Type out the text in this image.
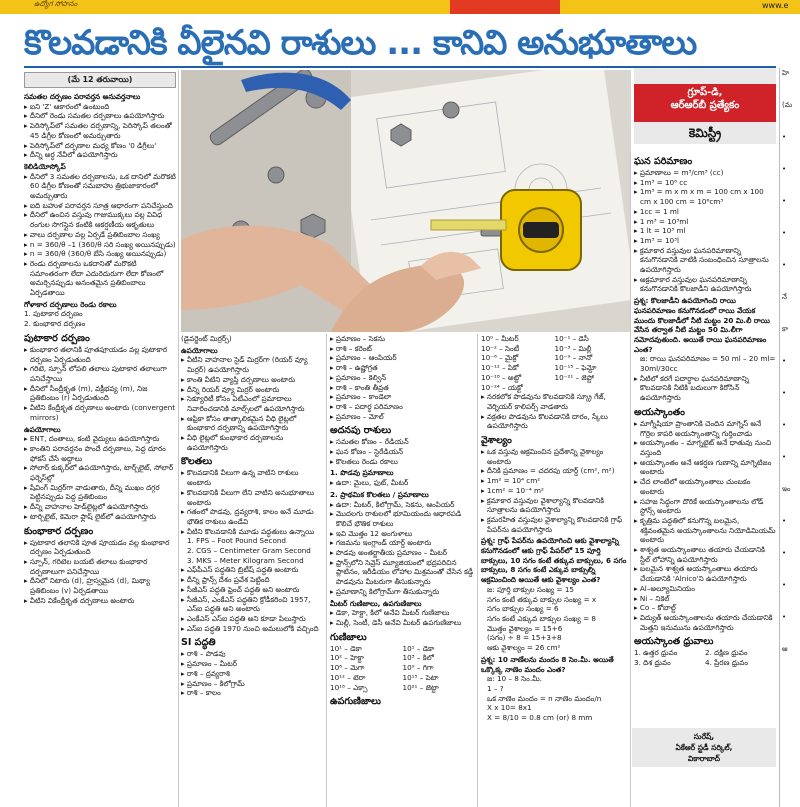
ఉద్యోగ సోపానం	www.e
కొలవడానికి వీలైనవి రాశులు ... కానివి అనుభూతాలు
(మే 12 తరువాయి)

సమతల దర్పణం పరావర్తన అనువర్తనాలు

▸ ఐని 'Z' ఆకారంలో ఉంటుంది

▸ దీనిలో రెండు సమతల దర్పణాలు ఉపయోగిస్తారు

▸ పెరిస్కోప్‌లో సమతల దర్పణాన్ని, పెరిస్కోప్‌ తలంతో 45 డిగ్రీల కోణంలో అమర్చుతారు

▸ పెరిస్కోప్‌లో దర్పణాల మధ్య కోణం '0 డిగ్రీలు'

▸ దీన్ని అర్ధ నేవీలో ఉపయోగిస్తారు

కెలిడియోస్కోప్‌

▸ దీనిలో 3 సమతల దర్పణాలను, ఒక దానిలో మరొకటి 60 డిగ్రీల కోణంతో సమబాహు త్రిభుజాకారంలో అమర్చుతారు

▸ ఐది బహుళ పరావర్తన సూత్ర ఆధారంగా పనిచేస్తుంది

▸ దీనిలో ఉంచిన వస్తువు గాజుముక్కలు వల్ల వివిధ రంగుల సొగస్గైన కంటికి ఆకర్షణీయ ఆకృతులు

▸ వాలు దర్పణాల వల్ల ఏర్పడే ప్రతిబింబాల సంఖ్య

▸ n = 360/θ –1 (360/θ సరి సంఖ్య అయినప్పుడు)

▸ n = 360/θ (360/θ బేసి సంఖ్య అయినప్పుడు)

▸ రెండు దర్పణాలను ఒకదానితో మరొకటి సమాంతరంగా లేదా ఎదురెదురుగా లేదా కోణంలో అమర్చినప్పుడు అనంతమైన ప్రతిబింబాలు ఏర్పడతాయి

గోళాకార దర్పణాలు రెండు రకాలు

1. పుటాకార దర్పణం

2. కుంభాకార దర్పణం

పుటాకార దర్పణం

▸ కుంభాకార తలానికి పూతపూయడం వల్ల పుటాకార దర్పణం ఏర్పడుతుంది

▸ గరిటె, స్పూన్‌ లోపలి తలాలు పుటాకార తలాలుగా పనిచేస్తాయి

▸ దీనిలో సీంద్రీకృత (m), వక్రీభవ్య (m), నిజ ప్రతిబింబం (r) ఏర్పడుతుంది

▸ వీటిని కేంద్రీకృత దర్పణాలు అంటారు (convergent mirrors)

ఉపయోగాలు

▸ ENT, దంతాలు, కంటి వైద్యులు ఉపయోగిస్తారు

▸ కాంతిని పరావర్తనం పొందే దర్పణాలు, పెద్ద దూరం ఫోకస్‌ చేసే అద్దాలు

▸ సోలార్‌ కుక్కర్‌లో ఉపయోగిస్తారు, టార్చ్‌లైట్‌, సోలార్‌ ఫర్నెస్‌ల్లో

▸ షేవింగ్‌ మిర్రర్‌గా వాడుతారు, దీన్ని ముఖం దగ్గర పెట్టినప్పుడు పెద్ద ప్రతిబింబం

▸ దీన్ని వాహనాల హెడ్‌లైట్లలో ఉపయోగిస్తారు

▸ టార్చిలైట్‌, కెమెరా ఫ్లాష్‌ లైట్‌లో ఉపయోగిస్తారు

కుంభాకార దర్పణం

▸ పుటాకార తలానికి పూత పూయడం వల్ల కుంభాకార దర్పణం ఏర్పడుతుంది

▸ స్పూన్‌, గరిటెల బయటి తలాలు కుంభాకార దర్పణాలుగా పనిచేస్తాయి

▸ దీనిలో నిటారు (d), హ్రస్వమైన (d), మిథ్యా ప్రతిబింబం (v) ఏర్పడతాయి

▸ వీటిని వికేంద్రీకృత దర్పణాలు అంటారు

గ్రూప్‌-డి,
ఆర్‌ఆర్‌బీ ప్రత్యేకం
కెమిస్ట్రీ

(డైవర్జెంట్‌ మిర్రర్స్‌)

ఉపయోగాలు

▸ వీటిని వాహనాల సైడ్‌ మిర్రర్‌గా (రియర్‌ వ్యూ మిర్రర్‌) ఉపయోగిస్తారు

▸ కాంతి వీటిని వ్యాప్తి దర్పణాలు అంటారు

▸ దీన్ని రియర్‌ వ్యూ మిర్రర్‌ అంటారు

▸ సెక్యూరిటీ కోసం ఏటీఎంలో ప్రమాదాలు నివారించడానికి మాల్స్‌లలో ఉపయోగిస్తారు

▸ ఆఫ్రికా కోసం తాత్కాలికమైన వీధి లైట్లలో కుంభాకార దర్పణాన్ని ఉపయోగిస్తారు

▸ వీధి లైట్లలో కుంభాకార దర్పణాలను ఉపయోగిస్తారు

కొలతలు

▸ కొలవడానికి వీలుగా ఉన్న వాటిని రాశులు అంటారు

▸ కొలవడానికి వీలుగా లేని వాటిని అనుభూతాలు అంటారు

▸ గతంలో పొడవు, ద్రవ్యరాశి, కాలం అనే మూడు భౌతిక రాశులు ఉండేవి

▸ వీటిని కొలవడానికి మూడు పద్ధతులు ఉన్నాయి

1. FPS – Foot Pound Second

2. CGS – Centimeter Gram Second

3. MKS – Meter Kilogram Second

▸ ఎఫ్‌పీఎస్‌ పద్ధతిని బ్రిటీష్‌ పద్ధతి అంటారు

▸ దీన్ని ఫ్రాన్స్‌ దేశం ప్రవేశ పెట్టింది

▸ సీజీఎస్‌ పద్ధతి ఫ్రెంచ్‌ పద్ధతి అని అంటారు

▸ సీజీఎస్‌, ఎంకేఎస్‌ పద్ధతిని క్రోడీకరించి 1957, ఎస్‌ఐ పద్ధతి అని అంటారు

▸ ఎంకేఎస్‌ ఎస్‌ఐ పద్ధతి అని కూడా పిలుస్తారు

▸ ఎస్‌ఐ పద్ధతి 1970 నుంచి అమలులోకి వచ్చింది

SI పద్ధతి

▸ రాశి – పొడవు

▸ ప్రమాణం – మీటర్‌

▸ రాశి – ద్రవ్యరాశి

▸ ప్రమాణం – కిలోగ్రామ్‌

▸ రాశి – కాలం

▸ ప్రమాణం – సెకను

▸ రాశి – కరెంట్‌

▸ ప్రమాణం – ఆంపియర్‌

▸ రాశి – ఉష్ణోగ్రత

▸ ప్రమాణం – కెల్విన్‌

▸ రాశి – కాంతి తీవ్రత

▸ ప్రమాణం – కాండెలా

▸ రాశి – పదార్థ పరిమాణం

▸ ప్రమాణం – మోల్‌

అదనపు రాశులు

▸ సమతల కోణం – రేడియన్‌

▸ ఘన కోణం – స్టెరేడియన్‌

▸ కొలతలు రెండు రకాలు

1. పొడవు ప్రమాణాలు

▸ ఉదా: మైలు, ఫుట్‌, మీటర్‌

2. ప్రాథమిక కొలతలు / ప్రమాణాలు

▸ ఉదా: మీటర్‌, కిలోగ్రామ్‌, సెకను, ఆంపియర్‌

▸ మొదలగు రాశులలో భూమియందు ఆధారపడి కొలిచే భౌతిక రాశులు

▸ ఇవి మొత్తం 12 అంగుళాలు

▸ గజమను ఇంగ్లాండ్‌ యార్డ్‌ అంటారు

▸ పొడవు అంతర్జాతీయ ప్రమాణం – మీటర్‌

▸ ఫ్రాన్స్‌లోని సెవ్రెస్‌ మ్యూజియంలో భద్రపరిచిన ప్లాటినం, ఇరీడియం లోహాల మిశ్రమంతో చేసిన కడ్డీ పొడవును మీటరుగా తీసుకున్నారు

▸ ప్రమాణాన్ని కిలోగ్రామ్‌గా తీసుకున్నారు

మీటర్‌ గుణిజాలు, ఉపగుణిజాలు

▸ డెకా, హెక్టా, కిలో అనేవి మీటర్‌ గుణిజాలు

▸ మిల్లీ, సెంటీ, డెసీ అనేవి మీటర్‌ ఉపగుణిజాలు

గుణిజాలు

10¹ – డెకా	10¹ – డెకా
10² – హెక్టా	10³ – కిలో
10⁶ – మెగా	10⁹ – గిగా
10¹² – టెరా	10¹⁵ – పెటా
10¹⁸ – ఎక్సా	10²¹ – జెట్టా

ఉపగుణిజాలు

10⁰ – మీటర్‌	10⁻¹ – డెసీ
10⁻² – సెంటీ	10⁻³ – మిల్లీ
10⁻⁶ – మైక్రో	10⁻⁹ – నానో
10⁻¹² – పికో	10⁻¹⁵ – ఫెమ్టో
10⁻¹⁸ – అట్టో	10⁻²¹ – జెప్టో
10⁻²⁴ – యక్టో

▸ నరకలోక పొడవును కొలవడానికి స్క్రూ గేజ్‌, వెర్నియర్‌ కాలిపర్స్‌ వాడతారు

▸ వక్రతల పొడవును కొలవడానికి దారం, స్కేలు ఉపయోగిస్తారు

వైశాల్యం

▸ ఒక వస్తువు ఆక్రమించిన ప్రదేశాన్ని వైశాల్యం అంటారు

▸ దీనికి ప్రమాణం = చదరపు యార్డ్‌ (cm², m²)

▸ 1m² = 10⁴ cm²

▸ 1cm² = 10⁻⁴ m²

▸ క్రమాకార వస్తువుల వైశాల్యాన్ని కొలవడానికి సూత్రాలను ఉపయోగిస్తారు

▸ క్రమరహిత వస్తువుల వైశాల్యాన్ని కొలవడానికి గ్రాఫ్‌ పేపర్‌ను ఉపయోగిస్తారు

ప్రశ్న: గ్రాఫ్‌ పేపర్‌ను ఉపయోగించి ఆకు వైశాల్యాన్ని కనుగొనడంలో ఆకు గ్రాఫ్‌ పేపర్‌లో 15 పూర్తి బాక్సులు, 10 సగం కంటే తక్కువ బాక్సులు, 6 సగం బాక్సులు, 8 సగం కంటే ఎక్కువ బాక్సుల్ని ఆక్రమించింది అయితే ఆకు వైశాల్యం ఎంత?

జ: పూర్తి బాక్సుల సంఖ్య = 15

సగం కంటే తక్కువ బాక్సుల సంఖ్య = x

సగం బాక్సుల సంఖ్య = 6

సగం కంటే ఎక్కువ బాక్సుల సంఖ్య = 8

మొత్తం వైశాల్యం = 15+6

(సగం) ÷ 8 = 15+3+8

ఆకు వైశాల్యం = 26 cm²

ప్రశ్న: 10 నాణేలను మందం 8 సెం.మీ. అయితే ఒక్కొక్క నాణెం మందం ఎంత?

జ: 10 – 8 సెం.మీ.

1 – ?

ఒక నాణెం మందం = n నాణెం మందం/n

X x 10= 8x1

X = 8/10 = 0.8 cm (or) 8 mm

ఘన పరిమాణం

▸ ప్రమాణాలు = m³/cm³ (cc)

▸ 1m³ = 10⁶ cc

▸ 1m³ = m x m x m = 100 cm x 100 cm x 100 cm = 10⁶cm³

▸ 1cc = 1 ml

▸ 1 m³ = 10³ml

▸ 1 lt = 10³ ml

▸ 1m³ = 10³l

▸ క్రమాకార వస్తువుల ఘనపరిమాణాన్ని కనుగొనడానికి వాటికి సంబంధించిన సూత్రాలను ఉపయోగిస్తారు

▸ అక్రమాకార వస్తువుల ఘనపరిమాణాన్ని కనుగొనడానికి కొలజాడీని ఉపయోగిస్తారు

ప్రశ్న: కొలజాడీని ఉపయోగించి రాయి ఘనపరిమాణం కనుగొనడంలో రాయి వేయక ముందు కొలజాడీలో నీటి మట్టం 20 మి.లీ రాయి వేసిన తర్వాత నీటి మట్టం 50 మి.లీగా నమోదవుతుంది. అయితే రాయి ఘనపరిమాణం ఎంత?

జ: రాయి ఘనపరిమాణం = 50 ml – 20 ml= 30ml/30cc

▸ నీటిలో కరగే పదార్థాల ఘనపరిమాణాన్ని కొలవడానికి నీటికి బదులుగా కిరోసిన్‌ ఉపయోగిస్తారు

అయస్కాంతం

▸ మాగ్నీషియా ప్రాంతానికి చెందిన మాగ్నెస్‌ అనే గొర్రెల కాపరి అయస్కాంతాన్ని గుర్తించాడు

▸ అయస్కాంతం – మాగ్నటైట్‌ అనే ధాతువు నుంచి వస్తుంది

▸ అయస్కాంతం అనే ఆకర్షణ గుణాన్ని మాగ్నెటిజం అంటారు

▸ చేద లాంటిలో అయస్కాంతాలు చుంబకం అంటారు

▸ సహజ సిద్ధంగా దొరికే అయస్కాంతాలను లోడ్‌ స్టోన్స్‌ అంటారు

▸ కృత్రిమ పద్ధతిలో కనుగొన్న బలమైన, శక్తివంతమైన అయస్కాంతాలను నియోడిమియమ్‌ అంటారు

▸ శాశ్వత అయస్కాంతాలు తయారు చేయడానికి స్టీల్‌ లోహాన్ని ఉపయోగిస్తారు

▸ బలమైన శాశ్వత అయస్కాంతాలు తయారు చేయడానికి 'Alnico'ని ఉపయోగిస్తారు

▸ Al–అల్యూమినియం

▸ Ni – నికెల్‌

▸ Co – కోబాల్ట్‌

▸ విద్యుత్‌ అయస్కాంతాలను తయారు చేయడానికి మెత్తని ఇనుమును ఉపయోగిస్తారు

అయస్కాంత ధ్రువాలు

1. ఉత్తర ధ్రువం	2. దక్షిణ ధ్రువం
3. దిశ ధ్రువం	4. ప్రేరణ ధ్రువం
సురేష్‌,
ఏకేఆర్‌ స్టడీ సర్కిల్‌,
వికారాబాద్‌
హె
(మ
•
•
•
•
•
నే
కా
•
•
•
•
ఇం
•
•
•
•
అ
